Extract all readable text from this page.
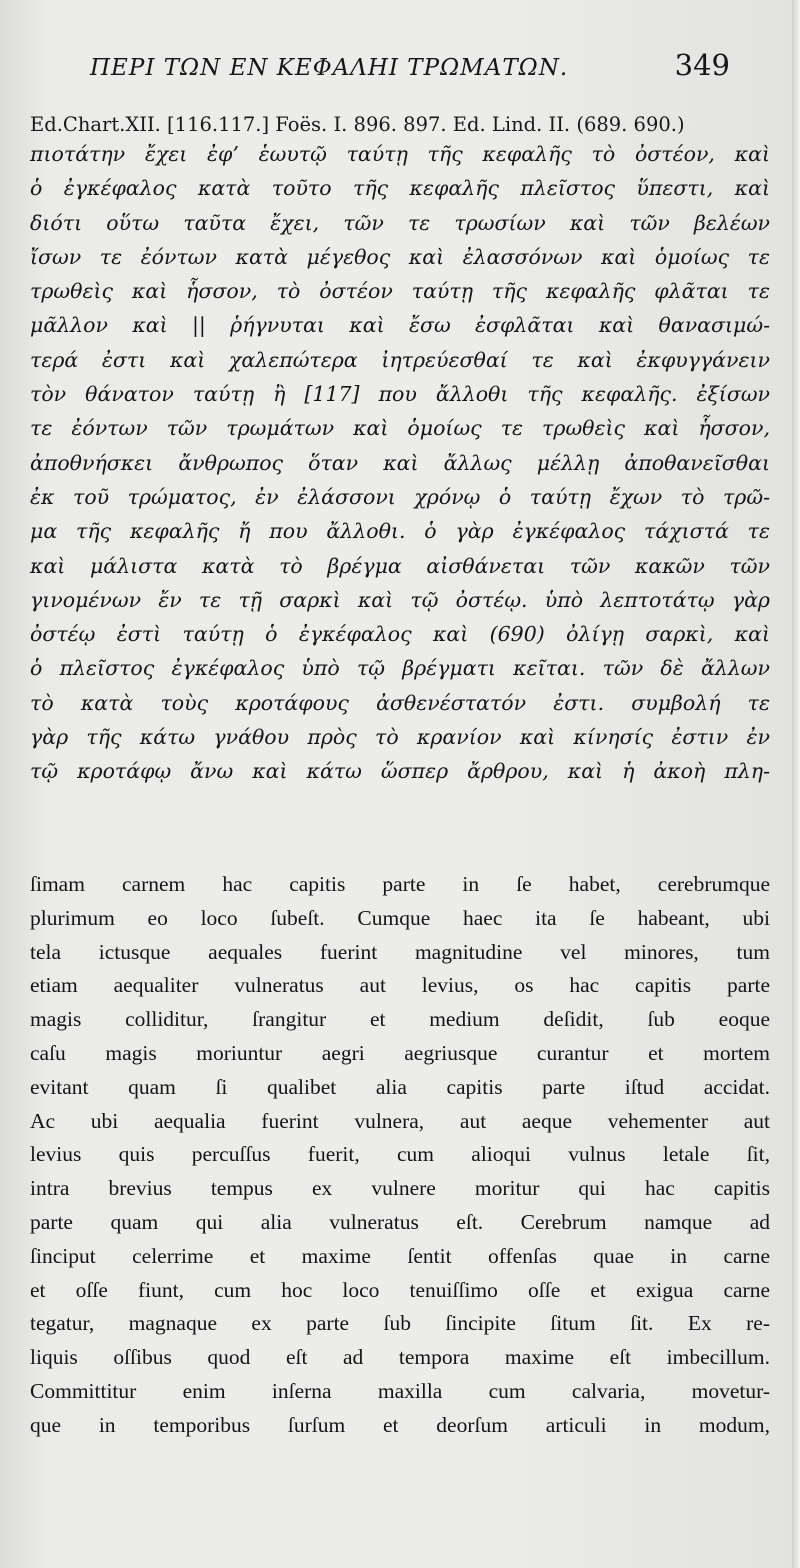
ΠΕΡΙ ΤΩΝ ΕΝ ΚΕΦΑΛΗΙ ΤΡΩΜΑΤΩΝ.	349
Ed.Chart.XII. [116.117.] Foës. I. 896. 897. Ed. Lind. II. (689. 690.)
πιοτάτην ἔχει ἐφ’ ἑωυτῷ ταύτῃ τῆς κεφαλῆς τὸ ὀστέον, καὶ
ὁ ἐγκέφαλος κατὰ τοῦτο τῆς κεφαλῆς πλεῖστος ὕπεστι, καὶ
διότι οὕτω ταῦτα ἔχει, τῶν τε τρωσίων καὶ τῶν βελέων
ἴσων τε ἐόντων κατὰ μέγεθος καὶ ἐλασσόνων καὶ ὁμοίως τε
τρωθεὶς καὶ ἧσσον, τὸ ὀστέον ταύτῃ τῆς κεφαλῆς φλᾶται τε
μᾶλλον καὶ || ῥήγνυται καὶ ἔσω ἐσφλᾶται καὶ θανασιμώ-
τερά ἐστι καὶ χαλεπώτερα ἰητρεύεσθαί τε καὶ ἐκφυγγάνειν
τὸν θάνατον ταύτῃ ἢ [117] που ἄλλοθι τῆς κεφαλῆς. ἐξίσων
τε ἐόντων τῶν τρωμάτων καὶ ὁμοίως τε τρωθεὶς καὶ ἧσσον,
ἀποθνήσκει ἄνθρωπος ὅταν καὶ ἄλλως μέλλῃ ἀποθανεῖσθαι
ἐκ τοῦ τρώματος, ἐν ἐλάσσονι χρόνῳ ὁ ταύτῃ ἔχων τὸ τρῶ-
μα τῆς κεφαλῆς ἤ που ἄλλοθι. ὁ γὰρ ἐγκέφαλος τάχιστά τε
καὶ μάλιστα κατὰ τὸ βρέγμα αἰσθάνεται τῶν κακῶν τῶν
γινομένων ἔν τε τῇ σαρκὶ καὶ τῷ ὀστέῳ. ὑπὸ λεπτοτάτῳ γὰρ
ὀστέῳ ἐστὶ ταύτῃ ὁ ἐγκέφαλος καὶ (690) ὀλίγῃ σαρκὶ, καὶ
ὁ πλεῖστος ἐγκέφαλος ὑπὸ τῷ βρέγματι κεῖται. τῶν δὲ ἄλλων
τὸ κατὰ τοὺς κροτάφους ἀσθενέστατόν ἐστι. συμβολή τε
γὰρ τῆς κάτω γνάθου πρὸς τὸ κρανίον καὶ κίνησίς ἐστιν ἐν
τῷ κροτάφῳ ἄνω καὶ κάτω ὥσπερ ἄρθρου, καὶ ἡ ἀκοὴ πλη-
ſimam carnem hac capitis parte in ſe habet, cerebrumque
plurimum eo loco ſubeſt. Cumque haec ita ſe habeant, ubi
tela ictusque aequales fuerint magnitudine vel minores, tum
etiam aequaliter vulneratus aut levius, os hac capitis parte
magis colliditur, ſrangitur et medium deſidit, ſub eoque
caſu magis moriuntur aegri aegriusque curantur et mortem
evitant quam ſi qualibet alia capitis parte iſtud accidat.
Ac ubi aequalia fuerint vulnera, aut aeque vehementer aut
levius quis percuſſus fuerit, cum alioqui vulnus letale ſit,
intra brevius tempus ex vulnere moritur qui hac capitis
parte quam qui alia vulneratus eſt. Cerebrum namque ad
ſinciput celerrime et maxime ſentit offenſas quae in carne
et oſſe fiunt, cum hoc loco tenuiſſimo oſſe et exigua carne
tegatur, magnaque ex parte ſub ſincipite ſitum ſit. Ex re-
liquis oſſibus quod eſt ad tempora maxime eſt imbecillum.
Committitur enim inſerna maxilla cum calvaria, movetur-
que in temporibus ſurſum et deorſum articuli in modum,
